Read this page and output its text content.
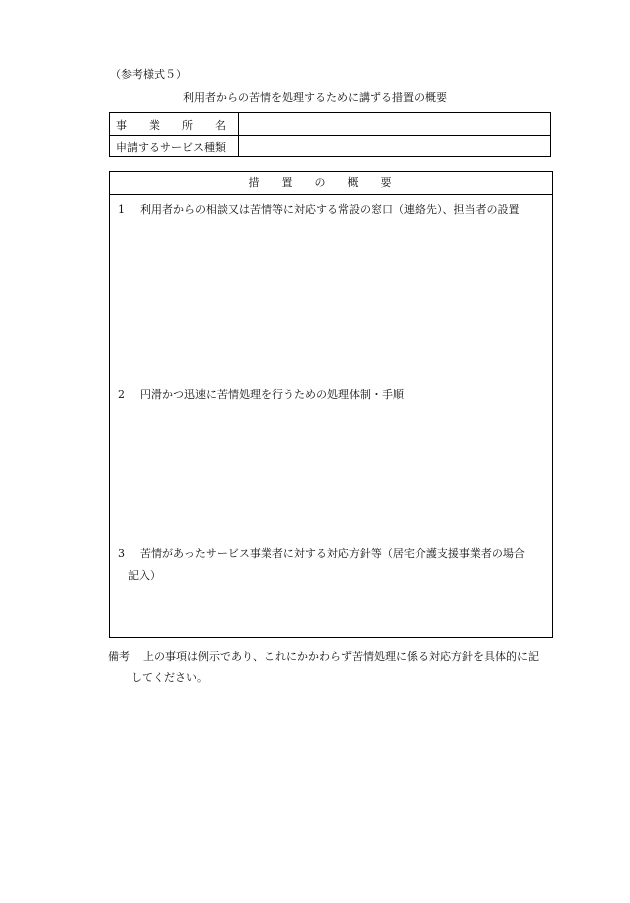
（参考様式５）
利用者からの苦情を処理するために講ずる措置の概要
事業所名
申請するサービス種類
措置の概要
1 利用者からの相談又は苦情等に対応する常設の窓口（連絡先）、担当者の設置
2 円滑かつ迅速に苦情処理を行うための処理体制・手順
3 苦情があったサービス事業者に対する対応方針等（居宅介護支援事業者の場合
記入）
備考 上の事項は例示であり、これにかかわらず苦情処理に係る対応方針を具体的に記
してください。
